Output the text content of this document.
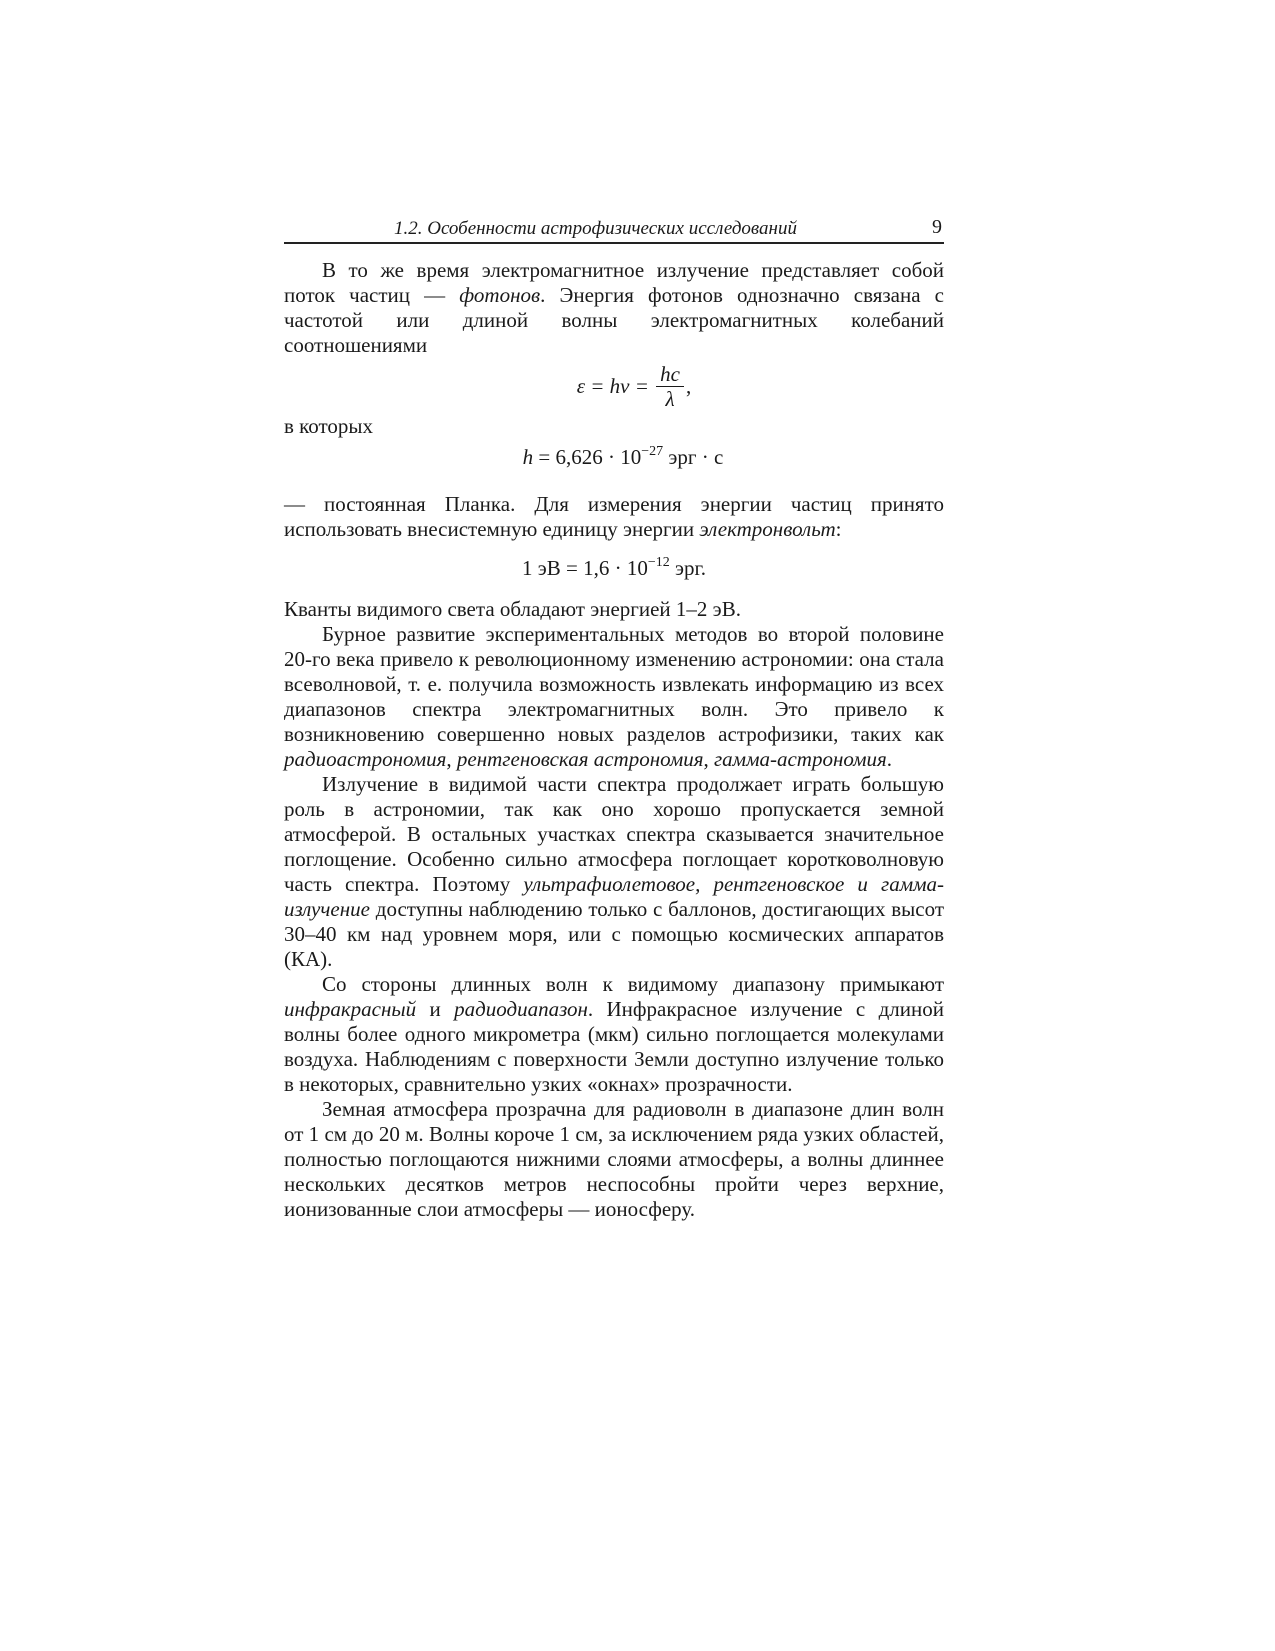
1.2. Особенности астрофизических исследований	9

В то же время электромагнитное излучение представляет собой поток частиц — фотонов. Энергия фотонов однозначно связана с частотой или длиной волны электромагнитных колебаний соотношениями

ε = hν =
$\frac{hc}{\lambda}$ ,

в которых

$h = 6,626 \cdot 10^{-27}$ эрг · с

— постоянная Планка. Для измерения энергии частиц принято использовать внесистемную единицу энергии электронвольт:

1 эВ = $1,6 \cdot 10^{-12}$ эрг.

Кванты видимого света обладают энергией 1–2 эВ.

Бурное развитие экспериментальных методов во второй половине 20-го века привело к революционному изменению астрономии: она стала всеволновой, т. е. получила возможность извлекать информацию из всех диапазонов спектра электромагнитных волн. Это привело к возникновению совершенно новых разделов астрофизики, таких как радиоастрономия, рентгеновская астрономия, гамма-астрономия.

Излучение в видимой части спектра продолжает играть большую роль в астрономии, так как оно хорошо пропускается земной атмосферой. В остальных участках спектра сказывается значительное поглощение. Особенно сильно атмосфера поглощает коротковолновую часть спектра. Поэтому ультрафиолетовое, рентгеновское и гамма-излучение доступны наблюдению только с баллонов, достигающих высот 30–40 км над уровнем моря, или с помощью космических аппаратов (КА).

Со стороны длинных волн к видимому диапазону примыкают инфракрасный и радиодиапазон. Инфракрасное излучение с длиной волны более одного микрометра (мкм) сильно поглощается молекулами воздуха. Наблюдениям с поверхности Земли доступно излучение только в некоторых, сравнительно узких «окнах» прозрачности.

Земная атмосфера прозрачна для радиоволн в диапазоне длин волн от 1 см до 20 м. Волны короче 1 см, за исключением ряда узких областей, полностью поглощаются нижними слоями атмосферы, а волны длиннее нескольких десятков метров неспособны пройти через верхние, ионизованные слои атмосферы — ионосферу.
